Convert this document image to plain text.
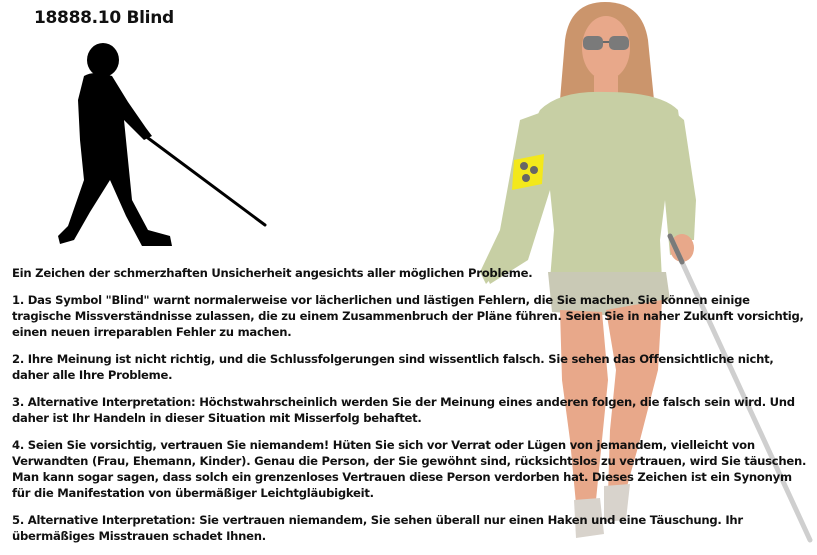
18888.10 Blind

Ein Zeichen der schmerzhaften Unsicherheit angesichts aller möglichen Probleme.

1. Das Symbol "Blind" warnt normalerweise vor lächerlichen und lästigen Fehlern, die Sie machen. Sie können einige tragische Missverständnisse zulassen, die zu einem Zusammenbruch der Pläne führen. Seien Sie in naher Zukunft vorsichtig, einen neuen irreparablen Fehler zu machen.

2. Ihre Meinung ist nicht richtig, und die Schlussfolgerungen sind wissentlich falsch. Sie sehen das Offensichtliche nicht, daher alle Ihre Probleme.

3. Alternative Interpretation: Höchstwahrscheinlich werden Sie der Meinung eines anderen folgen, die falsch sein wird. Und daher ist Ihr Handeln in dieser Situation mit Misserfolg behaftet.

4. Seien Sie vorsichtig, vertrauen Sie niemandem! Hüten Sie sich vor Verrat oder Lügen von jemandem, vielleicht von Verwandten (Frau, Ehemann, Kinder). Genau die Person, der Sie gewöhnt sind, rücksichtslos zu vertrauen, wird Sie täuschen. Man kann sogar sagen, dass solch ein grenzenloses Vertrauen diese Person verdorben hat. Dieses Zeichen ist ein Synonym für die Manifestation von übermäßiger Leichtgläubigkeit.

5. Alternative Interpretation: Sie vertrauen niemandem, Sie sehen überall nur einen Haken und eine Täuschung. Ihr übermäßiges Misstrauen schadet Ihnen.
